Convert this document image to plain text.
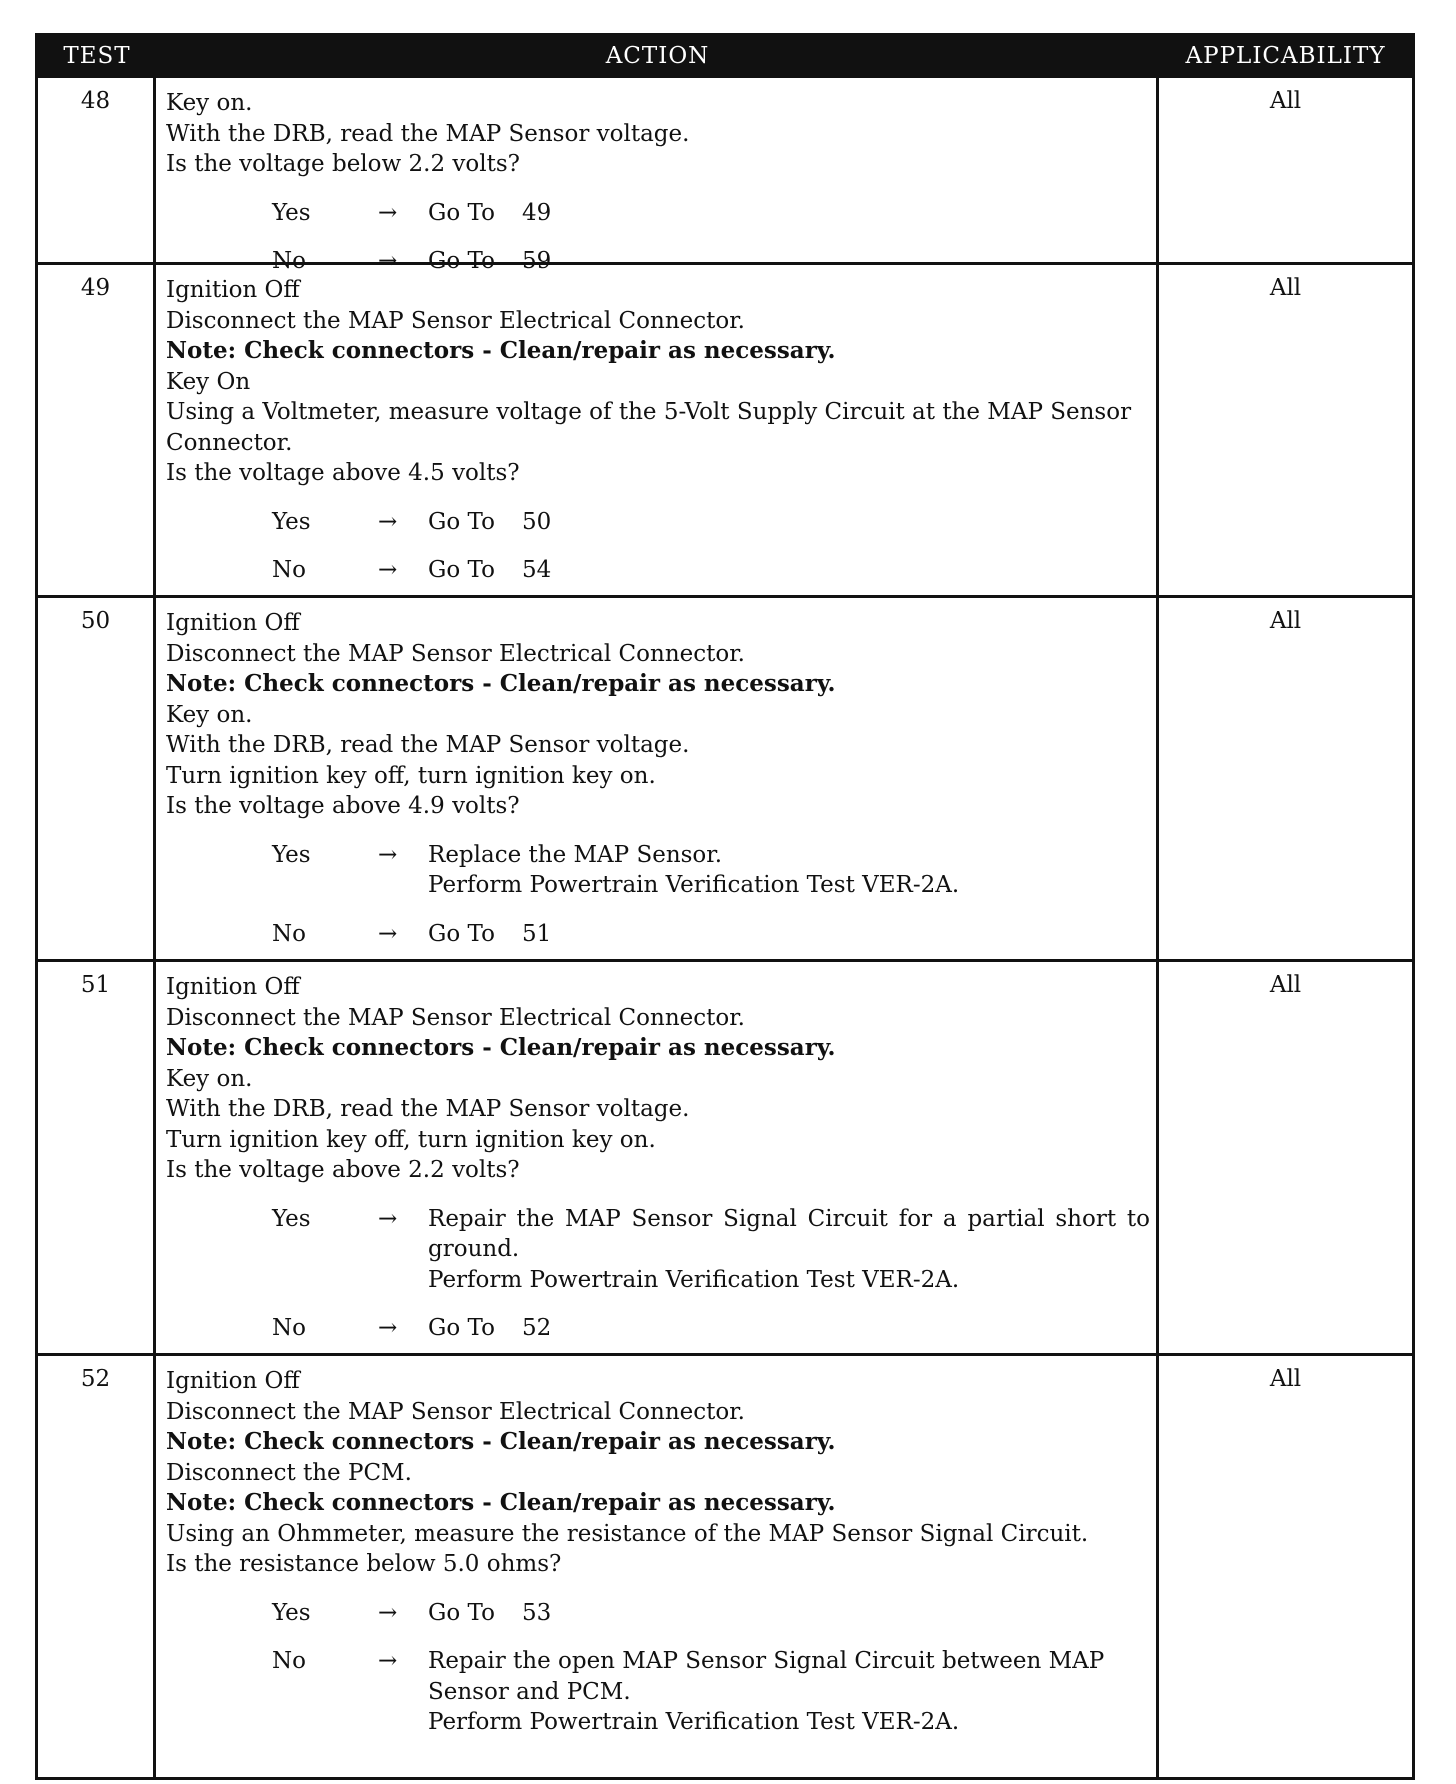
TEST	ACTION	APPLICABILITY
48	Key on.
With the DRB, read the MAP Sensor voltage.
Is the voltage below 2.2 volts?
Yes	→	Go To	49
No	→	Go To	59
All
49	Ignition Off
Disconnect the MAP Sensor Electrical Connector.
Note: Check connectors - Clean/repair as necessary.
Key On
Using a Voltmeter, measure voltage of the 5-Volt Supply Circuit at the MAP Sensor
Connector.
Is the voltage above 4.5 volts?
Yes	→	Go To	50
No	→	Go To	54
All
50	Ignition Off
Disconnect the MAP Sensor Electrical Connector.
Note: Check connectors - Clean/repair as necessary.
Key on.
With the DRB, read the MAP Sensor voltage.
Turn ignition key off, turn ignition key on.
Is the voltage above 4.9 volts?
Yes	→	Replace the MAP Sensor.
Perform Powertrain Verification Test VER-2A.
No	→	Go To	51
All
51	Ignition Off
Disconnect the MAP Sensor Electrical Connector.
Note: Check connectors - Clean/repair as necessary.
Key on.
With the DRB, read the MAP Sensor voltage.
Turn ignition key off, turn ignition key on.
Is the voltage above 2.2 volts?
Yes	→	Repair the MAP Sensor Signal Circuit for a partial short to ground.
Perform Powertrain Verification Test VER-2A.
No	→	Go To	52
All
52	Ignition Off
Disconnect the MAP Sensor Electrical Connector.
Note: Check connectors - Clean/repair as necessary.
Disconnect the PCM.
Note: Check connectors - Clean/repair as necessary.
Using an Ohmmeter, measure the resistance of the MAP Sensor Signal Circuit.
Is the resistance below 5.0 ohms?
Yes	→	Go To	53
No	→	Repair the open MAP Sensor Signal Circuit between MAP Sensor and PCM.
Perform Powertrain Verification Test VER-2A.
All
